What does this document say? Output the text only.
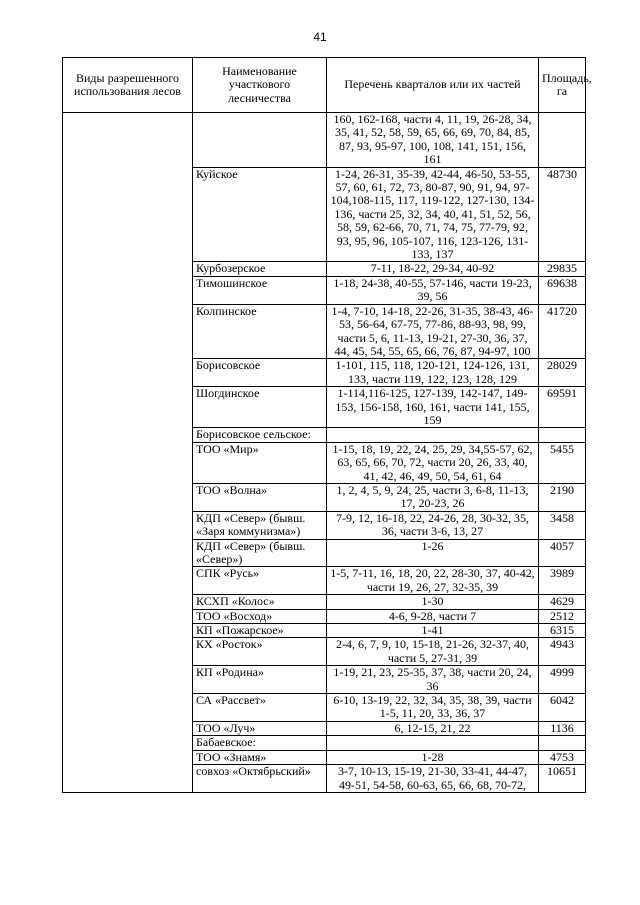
41
Виды разрешенного использования лесов	Наименование участкового лесничества	Перечень кварталов или их частей	Площадь, га
		160, 162-168, части 4, 11, 19, 26-28, 34, 35, 41, 52, 58, 59, 65, 66, 69, 70, 84, 85, 87, 93, 95-97, 100, 108, 141, 151, 156, 161	
	Куйское	1-24, 26-31, 35-39, 42-44, 46-50, 53-55, 57, 60, 61, 72, 73, 80-87, 90, 91, 94, 97-104,108-115, 117, 119-122, 127-130, 134-136, части 25, 32, 34, 40, 41, 51, 52, 56, 58, 59, 62-66, 70, 71, 74, 75, 77-79, 92, 93, 95, 96, 105-107, 116, 123-126, 131-133, 137	48730
	Курбозерское	7-11, 18-22, 29-34, 40-92	29835
	Тимошинское	1-18, 24-38, 40-55, 57-146, части 19-23, 39, 56	69638
	Колпинское	1-4, 7-10, 14-18, 22-26, 31-35, 38-43, 46-53, 56-64, 67-75, 77-86, 88-93, 98, 99, части 5, 6, 11-13, 19-21, 27-30, 36, 37, 44, 45, 54, 55, 65, 66, 76, 87, 94-97, 100	41720
	Борисовское	1-101, 115, 118, 120-121, 124-126, 131, 133, части 119, 122, 123, 128, 129	28029
	Шогдинское	1-114,116-125, 127-139, 142-147, 149-153, 156-158, 160, 161, части 141, 155, 159	69591
	Борисовское сельское:		
	ТОО «Мир»	1-15, 18, 19, 22, 24, 25, 29, 34,55-57, 62, 63, 65, 66, 70, 72, части 20, 26, 33, 40, 41, 42, 46, 49, 50, 54, 61, 64	5455
	ТОО «Волна»	1, 2, 4, 5, 9, 24, 25, части 3, 6-8, 11-13, 17, 20-23, 26	2190
	КДП «Север» (бывш. «Заря коммунизма»)	7-9, 12, 16-18, 22, 24-26, 28, 30-32, 35, 36, части 3-6, 13, 27	3458
	КДП «Север» (бывш. «Север»)	1-26	4057
	СПК «Русь»	1-5, 7-11, 16, 18, 20, 22, 28-30, 37, 40-42, части 19, 26, 27, 32-35, 39	3989
	КСХП «Колос»	1-30	4629
	ТОО «Восход»	4-6, 9-28, части 7	2512
	КП «Пожарское»	1-41	6315
	КХ «Росток»	2-4, 6, 7, 9, 10, 15-18, 21-26, 32-37, 40, части 5, 27-31, 39	4943
	КП «Родина»	1-19, 21, 23, 25-35, 37, 38, части 20, 24, 36	4999
	СА «Рассвет»	6-10, 13-19, 22, 32, 34, 35, 38, 39, части 1-5, 11, 20, 33, 36, 37	6042
	ТОО «Луч»	6, 12-15, 21, 22	1136
	Бабаевское:		
	ТОО «Знамя»	1-28	4753
	совхоз «Октябрьский»	3-7, 10-13, 15-19, 21-30, 33-41, 44-47, 49-51, 54-58, 60-63, 65, 66, 68, 70-72,	10651
